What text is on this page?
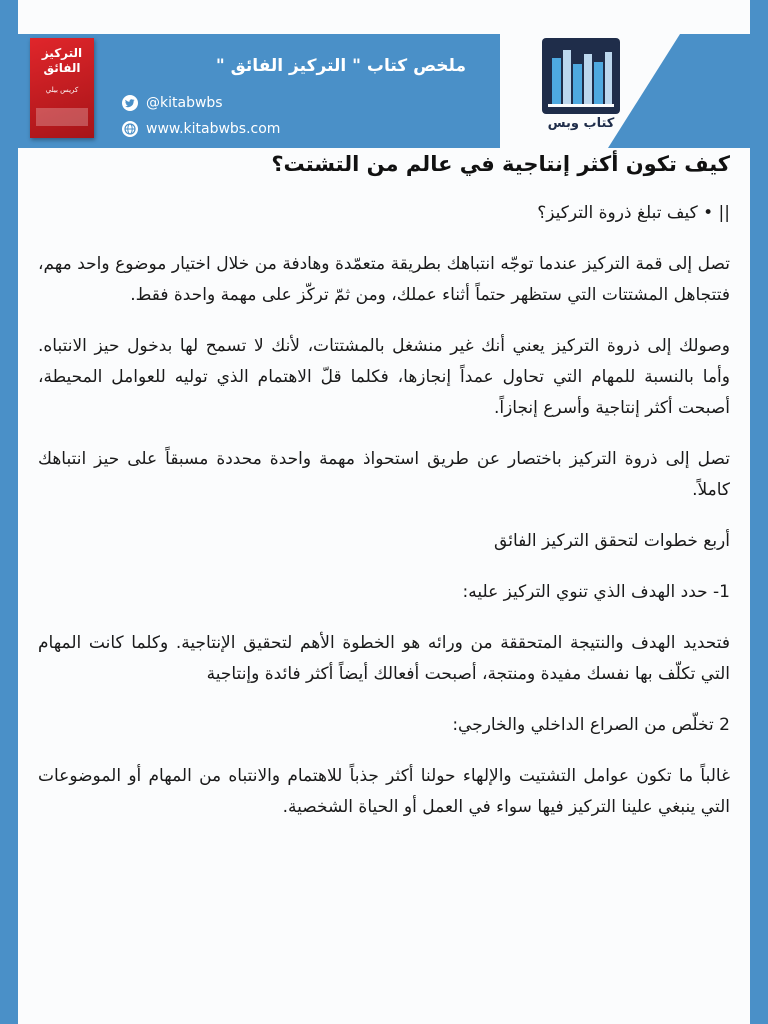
التركيز
الفائق
كريس بيلي
ملخص كتاب " التركيز الفائق "
@kitabwbs
www.kitabwbs.com	كتاب وبس
كيف تكون أكثر إنتاجية في عالم من التشتت؟

|| • كيف تبلغ ذروة التركيز؟

تصل إلى قمة التركيز عندما توجّه انتباهك بطريقة متعمّدة وهادفة من خلال اختيار موضوع واحد مهم، فتتجاهل المشتتات التي ستظهر حتماً أثناء عملك، ومن ثمّ تركّز على مهمة واحدة فقط.

وصولك إلى ذروة التركيز يعني أنك غير منشغل بالمشتتات، لأنك لا تسمح لها بدخول حيز الانتباه. وأما بالنسبة للمهام التي تحاول عمداً إنجازها، فكلما قلّ الاهتمام الذي توليه للعوامل المحيطة، أصبحت أكثر إنتاجية وأسرع إنجازاً.

تصل إلى ذروة التركيز باختصار عن طريق استحواذ مهمة واحدة محددة مسبقاً على حيز انتباهك كاملاً.

أربع خطوات لتحقق التركيز الفائق

1- حدد الهدف الذي تنوي التركيز عليه:

فتحديد الهدف والنتيجة المتحققة من ورائه هو الخطوة الأهم لتحقيق الإنتاجية. وكلما كانت المهام التي تكلّف بها نفسك مفيدة ومنتجة، أصبحت أفعالك أيضاً أكثر فائدة وإنتاجية

2 تخلّص من الصراع الداخلي والخارجي:

غالباً ما تكون عوامل التشتيت والإلهاء حولنا أكثر جذباً للاهتمام والانتباه من المهام أو الموضوعات التي ينبغي علينا التركيز فيها سواء في العمل أو الحياة الشخصية.
